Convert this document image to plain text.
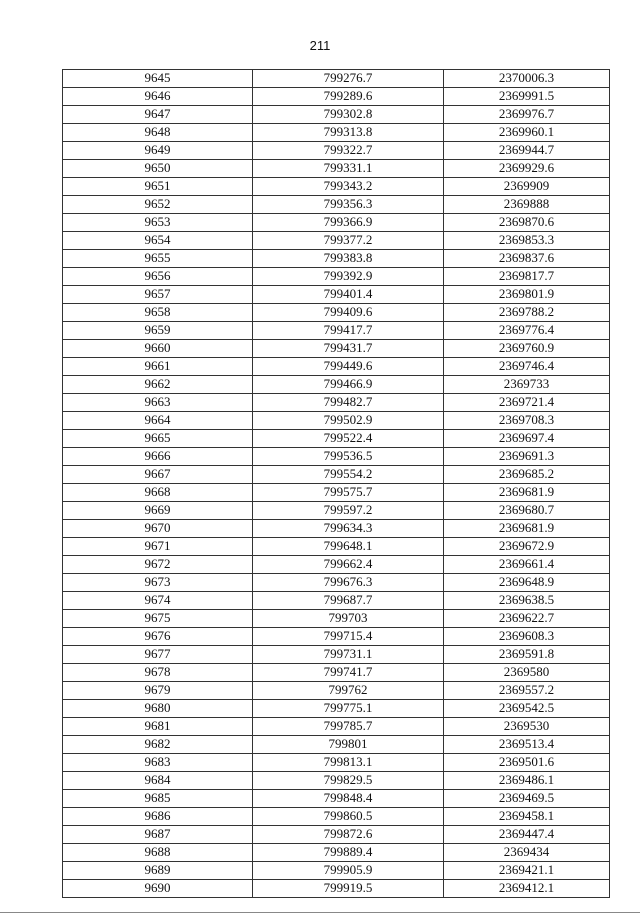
211
9645	799276.7	2370006.3
9646	799289.6	2369991.5
9647	799302.8	2369976.7
9648	799313.8	2369960.1
9649	799322.7	2369944.7
9650	799331.1	2369929.6
9651	799343.2	2369909
9652	799356.3	2369888
9653	799366.9	2369870.6
9654	799377.2	2369853.3
9655	799383.8	2369837.6
9656	799392.9	2369817.7
9657	799401.4	2369801.9
9658	799409.6	2369788.2
9659	799417.7	2369776.4
9660	799431.7	2369760.9
9661	799449.6	2369746.4
9662	799466.9	2369733
9663	799482.7	2369721.4
9664	799502.9	2369708.3
9665	799522.4	2369697.4
9666	799536.5	2369691.3
9667	799554.2	2369685.2
9668	799575.7	2369681.9
9669	799597.2	2369680.7
9670	799634.3	2369681.9
9671	799648.1	2369672.9
9672	799662.4	2369661.4
9673	799676.3	2369648.9
9674	799687.7	2369638.5
9675	799703	2369622.7
9676	799715.4	2369608.3
9677	799731.1	2369591.8
9678	799741.7	2369580
9679	799762	2369557.2
9680	799775.1	2369542.5
9681	799785.7	2369530
9682	799801	2369513.4
9683	799813.1	2369501.6
9684	799829.5	2369486.1
9685	799848.4	2369469.5
9686	799860.5	2369458.1
9687	799872.6	2369447.4
9688	799889.4	2369434
9689	799905.9	2369421.1
9690	799919.5	2369412.1
